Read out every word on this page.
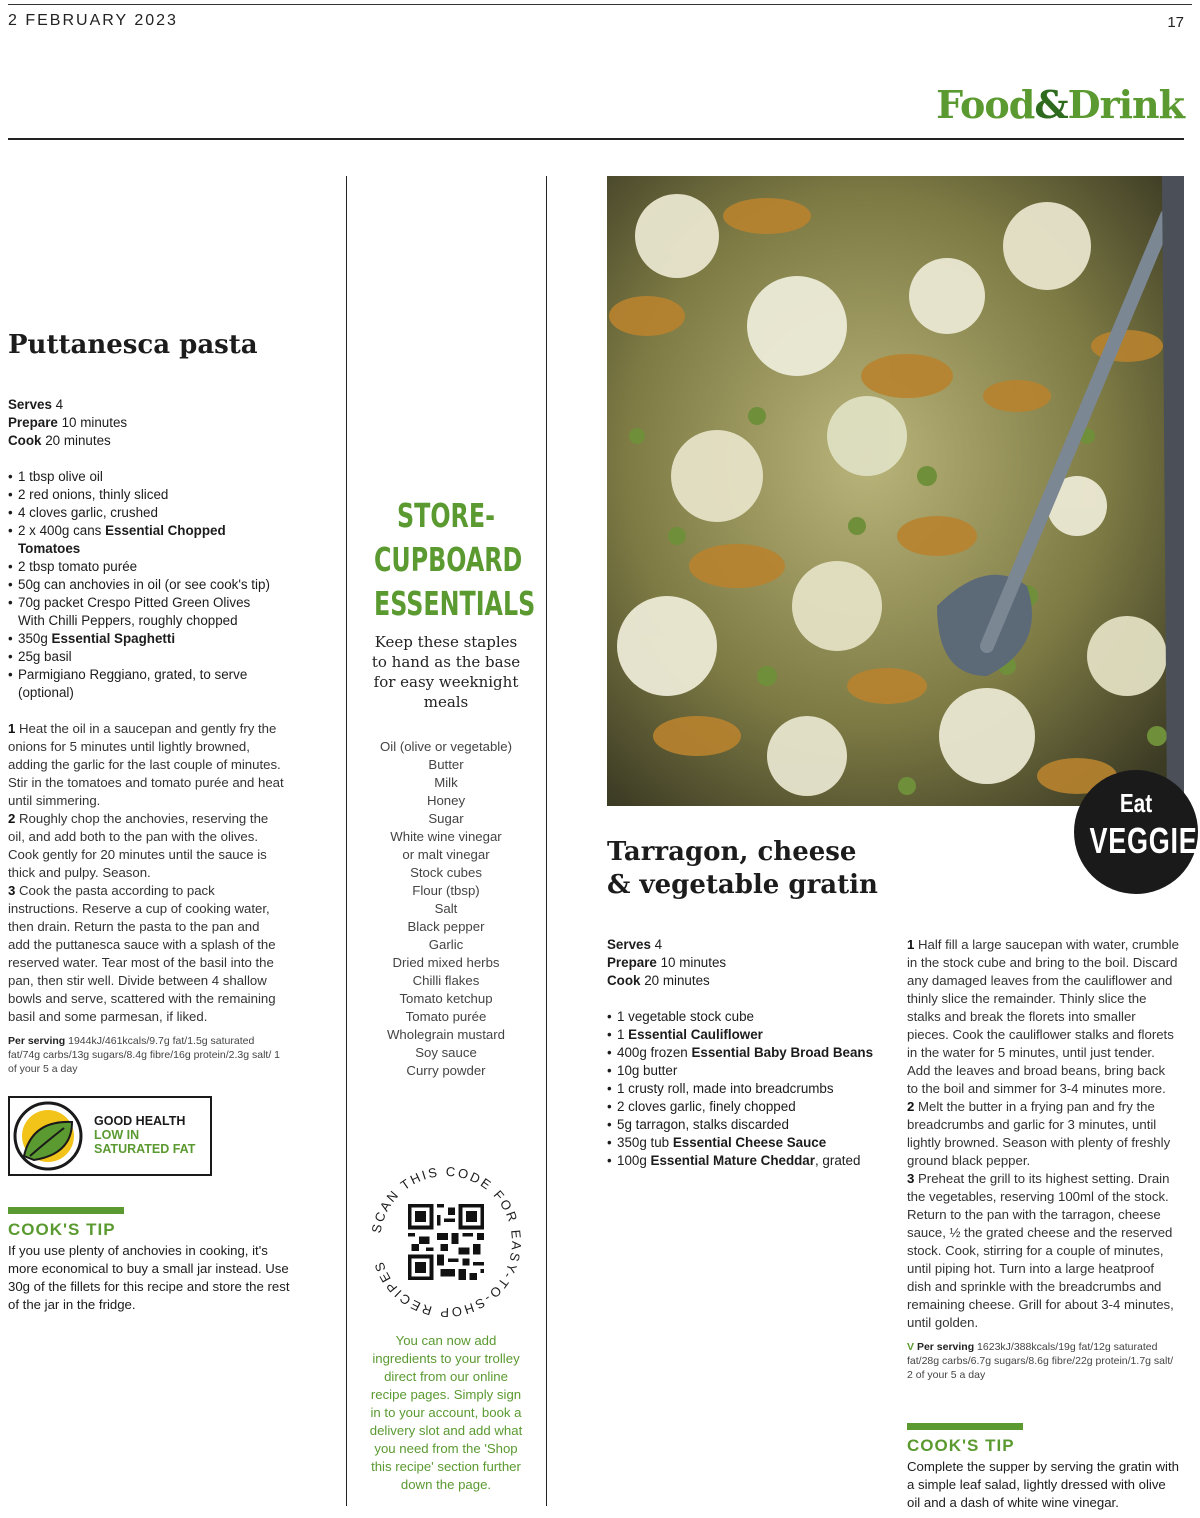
2 FEBRUARY 2023	17
Food&Drink
Puttanesca pasta
Serves 4
Prepare 10 minutes
Cook 20 minutes
• 1 tbsp olive oil
• 2 red onions, thinly sliced
• 4 cloves garlic, crushed
• 2 x 400g cans Essential Chopped Tomatoes
• 2 tbsp tomato purée
• 50g can anchovies in oil (or see cook's tip)
• 70g packet Crespo Pitted Green Olives With Chilli Peppers, roughly chopped
• 350g Essential Spaghetti
• 25g basil
• Parmigiano Reggiano, grated, to serve (optional)

1 Heat the oil in a saucepan and gently fry the onions for 5 minutes until lightly browned, adding the garlic for the last couple of minutes. Stir in the tomatoes and tomato purée and heat until simmering.

2 Roughly chop the anchovies, reserving the oil, and add both to the pan with the olives. Cook gently for 20 minutes until the sauce is thick and pulpy. Season.

3 Cook the pasta according to pack instructions. Reserve a cup of cooking water, then drain. Return the pasta to the pan and add the puttanesca sauce with a splash of the reserved water. Tear most of the basil into the pan, then stir well. Divide between 4 shallow bowls and serve, scattered with the remaining basil and some parmesan, if liked.

Per serving 1944kJ/461kcals/9.7g fat/1.5g saturated fat/74g carbs/13g sugars/8.4g fibre/16g protein/2.3g salt/ 1 of your 5 a day
GOOD HEALTH
LOW IN
SATURATED FAT
COOK'S TIP
If you use plenty of anchovies in cooking, it's more economical to buy a small jar instead. Use 30g of the fillets for this recipe and store the rest of the jar in the fridge.
STORE-
CUPBOARD
ESSENTIALS
Keep these staples to hand as the base for easy weeknight meals
Oil (olive or vegetable)
Butter
Milk
Honey
Sugar
White wine vinegar
or malt vinegar
Stock cubes
Flour (tbsp)
Salt
Black pepper
Garlic
Dried mixed herbs
Chilli flakes
Tomato ketchup
Tomato purée
Wholegrain mustard
Soy sauce
Curry powder
SCAN THIS CODE FOR EASY-TO-SHOP RECIPES
You can now add ingredients to your trolley direct from our online recipe pages. Simply sign in to your account, book a delivery slot and add what you need from the 'Shop this recipe' section further down the page.
Eat
VEGGIE
Tarragon, cheese
& vegetable gratin
Serves 4
Prepare 10 minutes
Cook 20 minutes
• 1 vegetable stock cube
• 1 Essential Cauliflower
• 400g frozen Essential Baby Broad Beans
• 10g butter
• 1 crusty roll, made into breadcrumbs
• 2 cloves garlic, finely chopped
• 5g tarragon, stalks discarded
• 350g tub Essential Cheese Sauce
• 100g Essential Mature Cheddar, grated

1 Half fill a large saucepan with water, crumble in the stock cube and bring to the boil. Discard any damaged leaves from the cauliflower and thinly slice the remainder. Thinly slice the stalks and break the florets into smaller pieces. Cook the cauliflower stalks and florets in the water for 5 minutes, until just tender. Add the leaves and broad beans, bring back to the boil and simmer for 3-4 minutes more.

2 Melt the butter in a frying pan and fry the breadcrumbs and garlic for 3 minutes, until lightly browned. Season with plenty of freshly ground black pepper.

3 Preheat the grill to its highest setting. Drain the vegetables, reserving 100ml of the stock. Return to the pan with the tarragon, cheese sauce, ½ the grated cheese and the reserved stock. Cook, stirring for a couple of minutes, until piping hot. Turn into a large heatproof dish and sprinkle with the breadcrumbs and remaining cheese. Grill for about 3-4 minutes, until golden.

V Per serving 1623kJ/388kcals/19g fat/12g saturated fat/28g carbs/6.7g sugars/8.6g fibre/22g protein/1.7g salt/ 2 of your 5 a day
COOK'S TIP
Complete the supper by serving the gratin with a simple leaf salad, lightly dressed with olive oil and a dash of white wine vinegar.
